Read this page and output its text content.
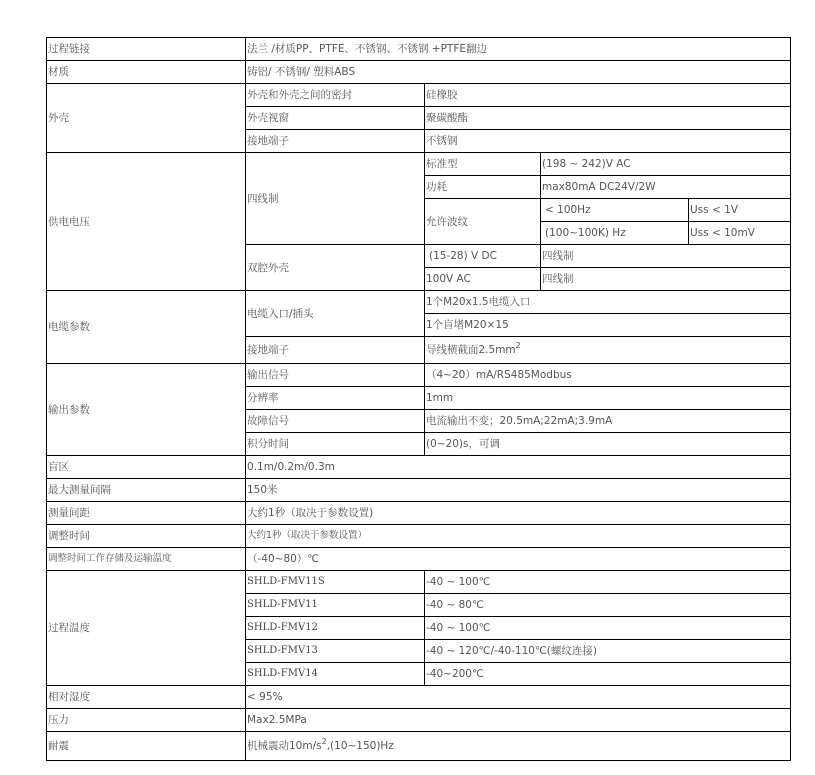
过程链接	法兰 /材质PP、PTFE、不锈钢、不锈钢 +PTFE翻边			
材质	铸铝/ 不锈钢/ 塑料ABS			
外壳	外壳和外壳之间的密封	硅橡胶		
	外壳视窗	聚碳酸酯		
	接地端子	不锈钢		
供电电压	四线制	标准型	(198 ~ 242)V AC	
		功耗	max80mA DC24V/2W	
		允许波纹	< 100Hz	Uss < 1V
			(100~100K) Hz	Uss < 10mV
	双腔外壳	(15-28) V DC	四线制	
		100V AC	四线制	
电缆参数	电缆入口/插头	1个M20x1.5电缆入口		
		1个盲堵M20×15		
	接地端子	导线横截面$2.5mm^2$
输出参数	输出信号	（4~20）mA/RS485Modbus		
	分辨率	1mm		
	故障信号	电流输出不变；20.5mA;22mA;3.9mA		
	积分时间	(0~20)s，可调		
盲区	0.1m/0.2m/0.3m			
最大测量间隔	150米			
测量间距	大约1秒（取决于参数设置)			
调整时间	大约1秒（取决于参数设置）			
调整时间工作存储及运输温度	（-40~80）℃			
过程温度	SHLD-FMV11S	-40 ~ 100℃		
	SHLD-FMV11	-40 ~ 80℃		
	SHLD-FMV12	-40 ~ 100℃		
	SHLD-FMV13	-40 ~ 120℃/-40-110℃(螺纹连接)		
	SHLD-FMV14	-40~200℃		
相对湿度	< 95%			
压力	Max2.5MPa			
耐震	机械震动$10m/s^2,(10\sim 150)Hz$			
